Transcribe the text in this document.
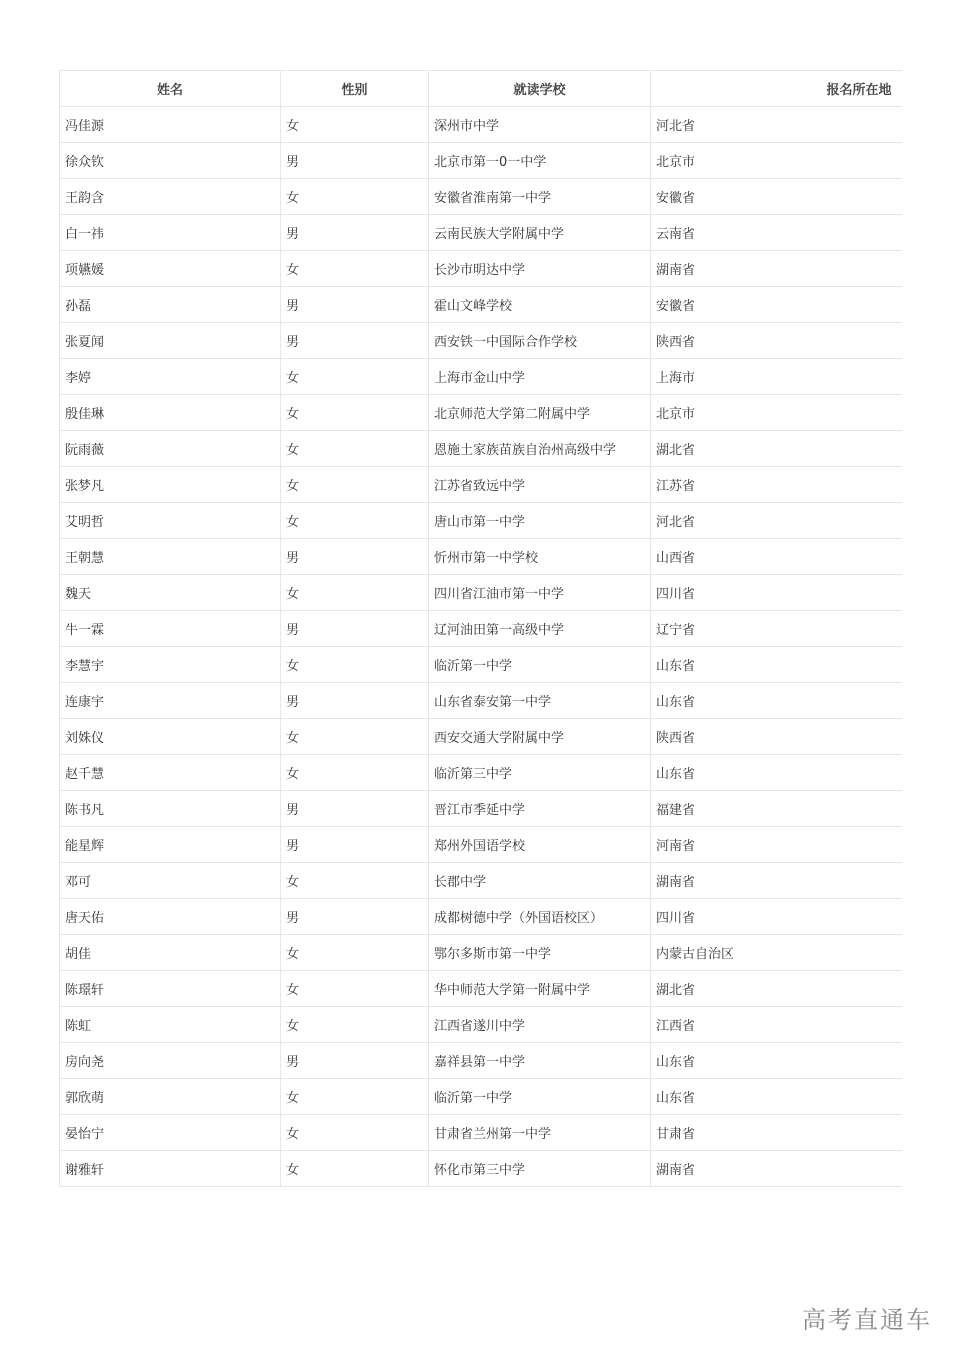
姓名	性别	就读学校	报名所在地
冯佳源	女	深州市中学	河北省
徐众钦	男	北京市第一0一中学	北京市
王韵含	女	安徽省淮南第一中学	安徽省
白一祎	男	云南民族大学附属中学	云南省
项嬿媛	女	长沙市明达中学	湖南省
孙磊	男	霍山文峰学校	安徽省
张夏闻	男	西安铁一中国际合作学校	陕西省
李婷	女	上海市金山中学	上海市
殷佳琳	女	北京师范大学第二附属中学	北京市
阮雨薇	女	恩施土家族苗族自治州高级中学	湖北省
张梦凡	女	江苏省致远中学	江苏省
艾明哲	女	唐山市第一中学	河北省
王朝慧	男	忻州市第一中学校	山西省
魏天	女	四川省江油市第一中学	四川省
牛一霖	男	辽河油田第一高级中学	辽宁省
李慧宇	女	临沂第一中学	山东省
连康宇	男	山东省泰安第一中学	山东省
刘姝仪	女	西安交通大学附属中学	陕西省
赵千慧	女	临沂第三中学	山东省
陈书凡	男	晋江市季延中学	福建省
能星辉	男	郑州外国语学校	河南省
邓可	女	长郡中学	湖南省
唐天佑	男	成都树德中学（外国语校区）	四川省
胡佳	女	鄂尔多斯市第一中学	内蒙古自治区
陈璟轩	女	华中师范大学第一附属中学	湖北省
陈虹	女	江西省遂川中学	江西省
房向尧	男	嘉祥县第一中学	山东省
郭欣萌	女	临沂第一中学	山东省
晏怡宁	女	甘肃省兰州第一中学	甘肃省
谢雅轩	女	怀化市第三中学	湖南省
高考直通车
